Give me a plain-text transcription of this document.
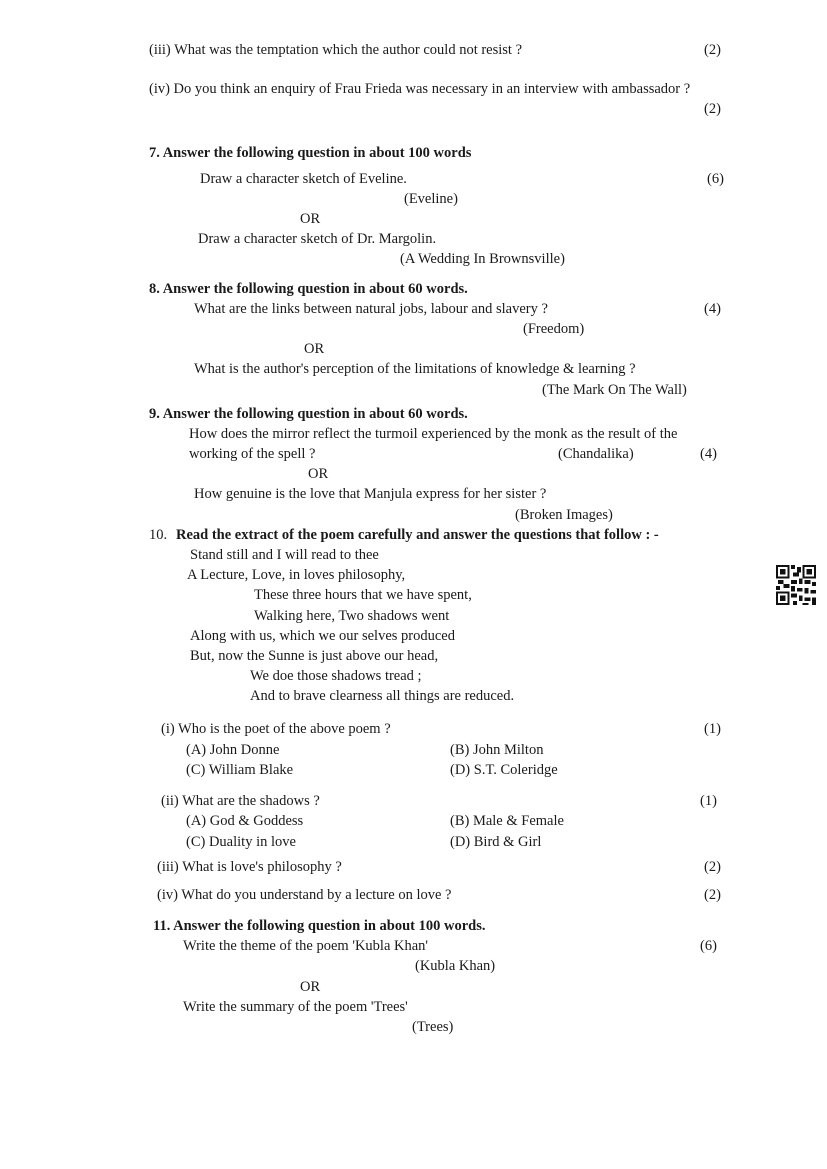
(iii) What was the temptation which the author could not resist ?	(2)
(iv) Do you think an enquiry of Frau Frieda was necessary in an interview with ambassador ?
(2)
7. Answer the following question in about 100 words
Draw a character sketch of Eveline.	(6)
(Eveline)
OR
Draw a character sketch of Dr. Margolin.
(A Wedding In Brownsville)
8. Answer the following question in about 60 words.
What are the links between natural jobs, labour and slavery ?	(4)
(Freedom)
OR
What is the author's perception of the limitations of knowledge & learning ?
(The Mark On The Wall)
9. Answer the following question in about 60 words.
How does the mirror reflect the turmoil experienced by the monk as the result of the
working of the spell ?	(Chandalika)	(4)
OR
How genuine is the love that Manjula express for her sister ?
(Broken Images)
10. Read the extract of the poem carefully and answer the questions that follow : -
Stand still and I will read to thee
A Lecture, Love, in loves philosophy,
These three hours that we have spent,
Walking here, Two shadows went
Along with us, which we our selves produced
But, now the Sunne is just above our head,
We doe those shadows tread ;
And to brave clearness all things are reduced.
(i) Who is the poet of the above poem ?	(1)
(A) John Donne	(B) John Milton
(C) William Blake	(D) S.T. Coleridge
(ii) What are the shadows ?	(1)
(A) God & Goddess	(B) Male & Female
(C) Duality in love	(D) Bird & Girl
(iii) What is love's philosophy ?	(2)
(iv) What do you understand by a lecture on love ?	(2)
11. Answer the following question in about 100 words.
Write the theme of the poem 'Kubla Khan'	(6)
(Kubla Khan)
OR
Write the summary of the poem 'Trees'
(Trees)
